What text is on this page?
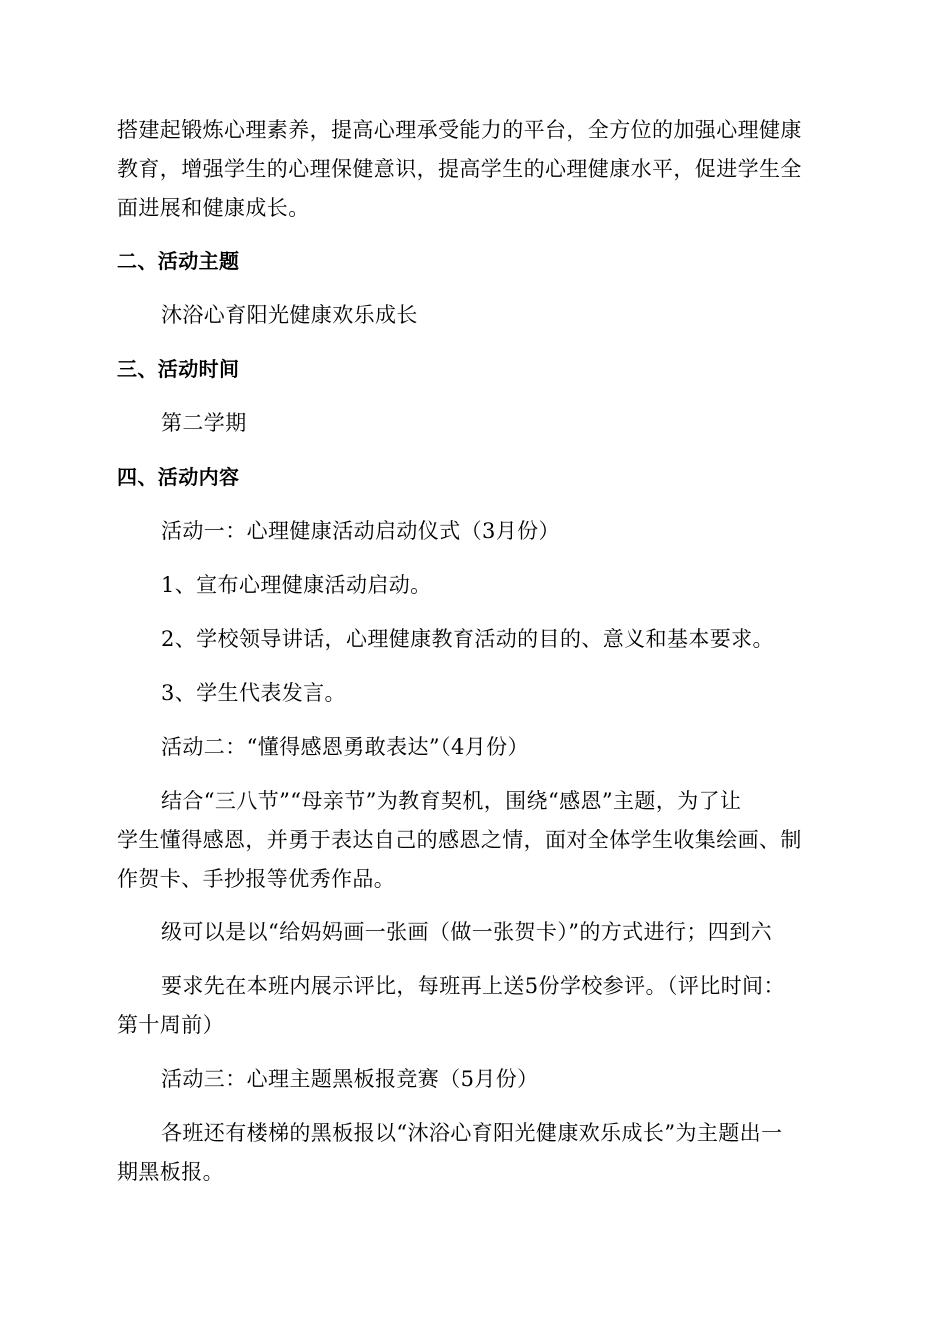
搭建起锻炼心理素养，提高心理承受能力的平台，全方位的加强心理健康
教育，增强学生的心理保健意识，提高学生的心理健康水平，促进学生全
面进展和健康成长。
二、活动主题
沐浴心育阳光健康欢乐成长
三、活动时间
第二学期
四、活动内容
活动一：心理健康活动启动仪式（3月份）
1、宣布心理健康活动启动。
2、学校领导讲话，心理健康教育活动的目的、意义和基本要求。
3、学生代表发言。
活动二：“懂得感恩勇敢表达”（4月份）
结合“三八节”“母亲节”为教育契机，围绕“感恩”主题，为了让
学生懂得感恩，并勇于表达自己的感恩之情，面对全体学生收集绘画、制
作贺卡、手抄报等优秀作品。
级可以是以“给妈妈画一张画（做一张贺卡）”的方式进行；四到六
要求先在本班内展示评比，每班再上送5份学校参评。（评比时间：
第十周前）
活动三：心理主题黑板报竞赛（5月份）
各班还有楼梯的黑板报以“沐浴心育阳光健康欢乐成长”为主题出一
期黑板报。
